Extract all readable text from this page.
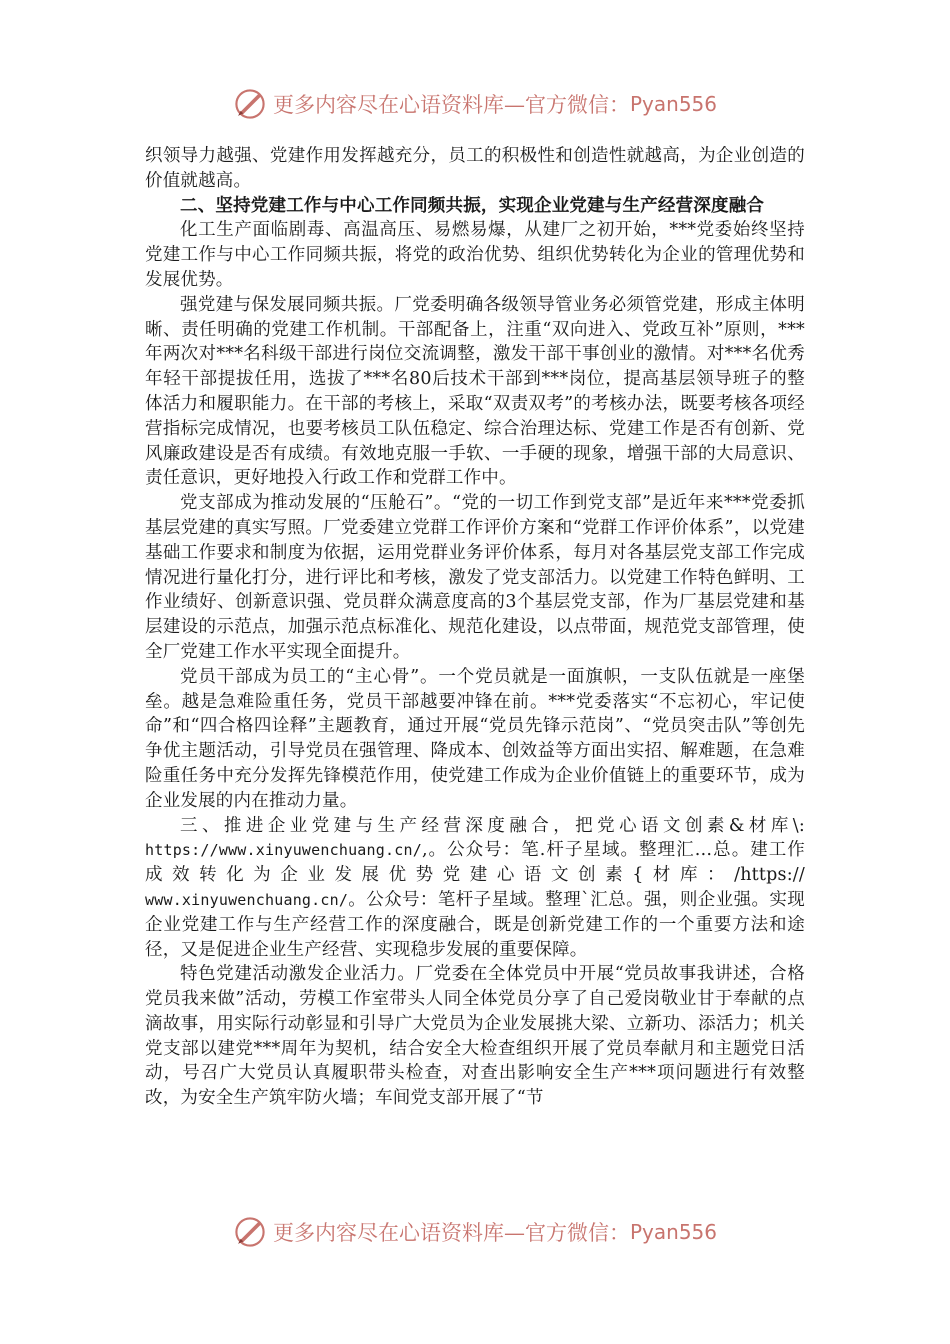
更多内容尽在心语资料库—官方微信： Pyan556

织领导力越强、党建作用发挥越充分，员工的积极性和创造性就越高，为企业创造的价值就越高。

二、坚持党建工作与中心工作同频共振，实现企业党建与生产经营深度融合

化工生产面临剧毒、高温高压、易燃易爆，从建厂之初开始，***党委始终坚持党建工作与中心工作同频共振，将党的政治优势、组织优势转化为企业的管理优势和发展优势。

强党建与保发展同频共振。厂党委明确各级领导管业务必须管党建，形成主体明晰、责任明确的党建工作机制。干部配备上，注重“双向进入、党政互补”原则，***年两次对***名科级干部进行岗位交流调整，激发干部干事创业的激情。对***名优秀年轻干部提拔任用，选拔了***名80后技术干部到***岗位，提高基层领导班子的整体活力和履职能力。在干部的考核上，采取“双责双考”的考核办法，既要考核各项经营指标完成情况，也要考核员工队伍稳定、综合治理达标、党建工作是否有创新、党风廉政建设是否有成绩。有效地克服一手软、一手硬的现象，增强干部的大局意识、责任意识，更好地投入行政工作和党群工作中。

党支部成为推动发展的“压舱石”。“党的一切工作到党支部”是近年来***党委抓基层党建的真实写照。厂党委建立党群工作评价方案和“党群工作评价体系”，以党建基础工作要求和制度为依据，运用党群业务评价体系，每月对各基层党支部工作完成情况进行量化打分，进行评比和考核，激发了党支部活力。以党建工作特色鲜明、工作业绩好、创新意识强、党员群众满意度高的3个基层党支部，作为厂基层党建和基层建设的示范点，加强示范点标准化、规范化建设，以点带面，规范党支部管理，使全厂党建工作水平实现全面提升。

党员干部成为员工的“主心骨”。一个党员就是一面旗帜，一支队伍就是一座堡垒。越是急难险重任务，党员干部越要冲锋在前。***党委落实“不忘初心，牢记使命”和“四合格四诠释”主题教育，通过开展“党员先锋示范岗”、“党员突击队”等创先争优主题活动，引导党员在强管理、降成本、创效益等方面出实招、解难题，在急难险重任务中充分发挥先锋模范作用，使党建工作成为企业价值链上的重要环节，成为企业发展的内在推动力量。

三、推进企业党建与生产经营深度融合，把党心语文创素&材库\: https://www.xinyuwenchuang.cn/,。公众号：笔.杆子星域。整理汇…总。建工作成效转化为企业发展优势党建心语文创素{材库：/https:// www.xinyuwenchuang.cn/。公众号：笔杆子星域。整理`汇总。强，则企业强。实现企业党建工作与生产经营工作的深度融合，既是创新党建工作的一个重要方法和途径，又是促进企业生产经营、实现稳步发展的重要保障。

特色党建活动激发企业活力。厂党委在全体党员中开展“党员故事我讲述，合格党员我来做”活动，劳模工作室带头人同全体党员分享了自己爱岗敬业甘于奉献的点滴故事，用实际行动彰显和引导广大党员为企业发展挑大梁、立新功、添活力；机关党支部以建党***周年为契机，结合安全大检查组织开展了党员奉献月和主题党日活动，号召广大党员认真履职带头检查，对查出影响安全生产***项问题进行有效整改，为安全生产筑牢防火墙；车间党支部开展了“节

更多内容尽在心语资料库—官方微信： Pyan556
